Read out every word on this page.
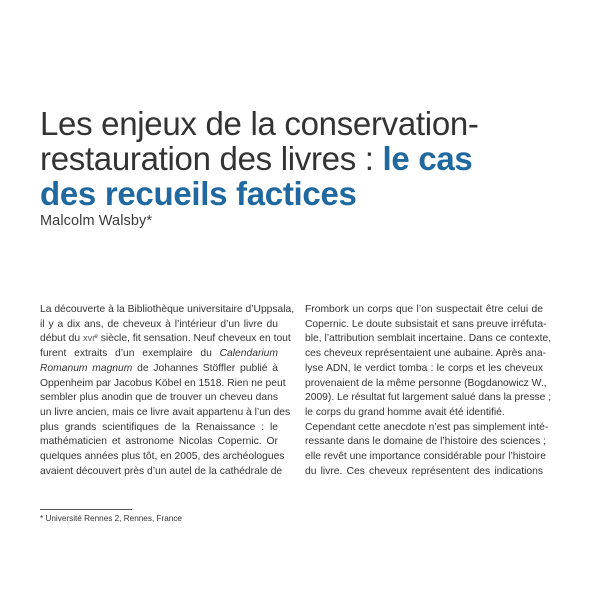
Les enjeux de la conservation-
restauration des livres : le cas
des recueils factices
Malcolm Walsby*
La découverte à la Bibliothèque universitaire d’Uppsala,
il y a dix ans, de cheveux à l’intérieur d’un livre du
début du xvi$^e$ siècle, fit sensation. Neuf cheveux en tout
furent extraits d’un exemplaire du Calendarium
Romanum magnum de Johannes Stöffler publié à
Oppenheim par Jacobus Köbel en 1518. Rien ne peut
sembler plus anodin que de trouver un cheveu dans
un livre ancien, mais ce livre avait appartenu à l’un des
plus grands scientifiques de la Renaissance : le
mathématicien et astronome Nicolas Copernic. Or
quelques années plus tôt, en 2005, des archéologues
avaient découvert près d’un autel de la cathédrale de
Frombork un corps que l’on suspectait être celui de
Copernic. Le doute subsistait et sans preuve irréfuta-
ble, l’attribution semblait incertaine. Dans ce contexte,
ces cheveux représentaient une aubaine. Après ana-
lyse ADN, le verdict tomba : le corps et les cheveux
provenaient de la même personne (Bogdanowicz W.,
2009). Le résultat fut largement salué dans la presse ;
le corps du grand homme avait été identifié.
Cependant cette anecdote n’est pas simplement inté-
ressante dans le domaine de l’histoire des sciences ;
elle revêt une importance considérable pour l’histoire
du livre. Ces cheveux représentent des indications
* Université Rennes 2, Rennes, France
